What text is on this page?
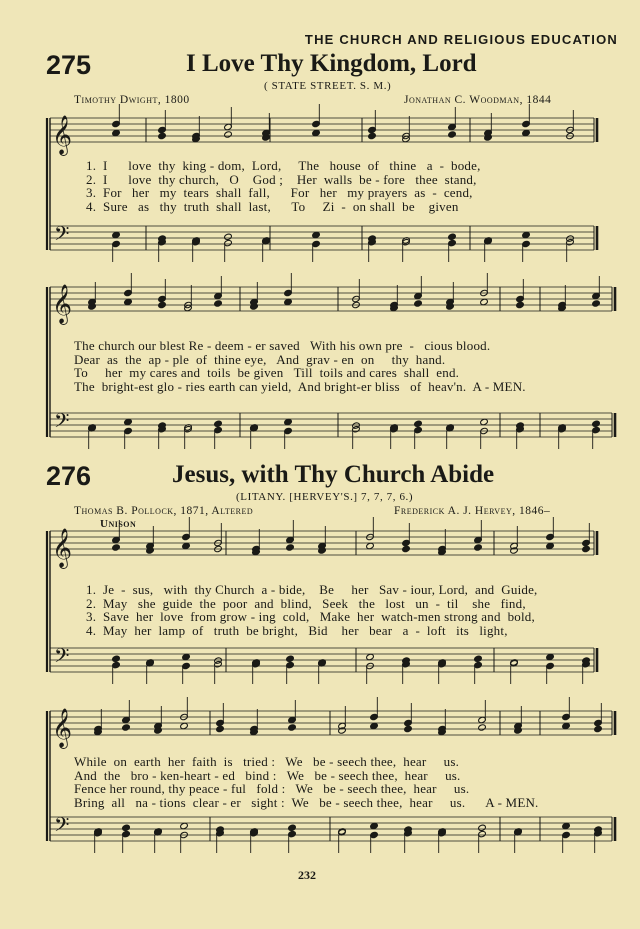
THE CHURCH AND RELIGIOUS EDUCATION
275	I Love Thy Kingdom, Lord
( STATE STREET. S. M.)
Timothy Dwight, 1800	Jonathan C. Woodman, 1844
𝄞
𝄢
𝄞
𝄢
𝄞
𝄢
𝄞
𝄢
1.  I      love  thy  king - dom,  Lord,     The   house  of   thine   a  -  bode,
2.  I      love  thy church,   O    God ;    Her  walls  be - fore   thee  stand,
3.  For   her   my  tears  shall  fall,      For   her   my prayers  as  -  cend,
4.  Sure   as   thy  truth  shall  last,      To     Zi  -  on shall  be    given
The church our blest Re - deem - er saved   With his own pre  -   cious blood.
Dear  as  the  ap - ple  of  thine eye,   And  grav - en  on     thy  hand.
To     her  my cares and  toils  be given   Till  toils and cares  shall  end.
The  bright-est glo - ries earth can yield,  And bright-er bliss   of  heav'n.  A - MEN.
276	Jesus, with Thy Church Abide
(LITANY. [HERVEY'S.] 7, 7, 7, 6.)
Thomas B. Pollock, 1871, Altered	Frederick A. J. Hervey, 1846–
Unison
1.  Je  -  sus,   with  thy Church  a - bide,    Be     her   Sav - iour, Lord,  and  Guide,
2.  May   she  guide  the  poor  and  blind,   Seek   the   lost   un  -  til    she   find,
3.  Save  her  love  from grow - ing  cold,   Make  her  watch-men strong and  bold,
4.  May  her  lamp  of   truth  be bright,   Bid    her   bear   a  -  loft   its   light,
While  on  earth  her  faith  is   tried :   We   be - seech thee,  hear     us.
And  the   bro - ken-heart - ed   bind :   We   be - seech thee,  hear     us.
Fence her round, thy peace - ful   fold :   We   be - seech thee,  hear     us.
Bring  all   na - tions  clear - er   sight :  We   be - seech thee,  hear     us.      A - MEN.
232
